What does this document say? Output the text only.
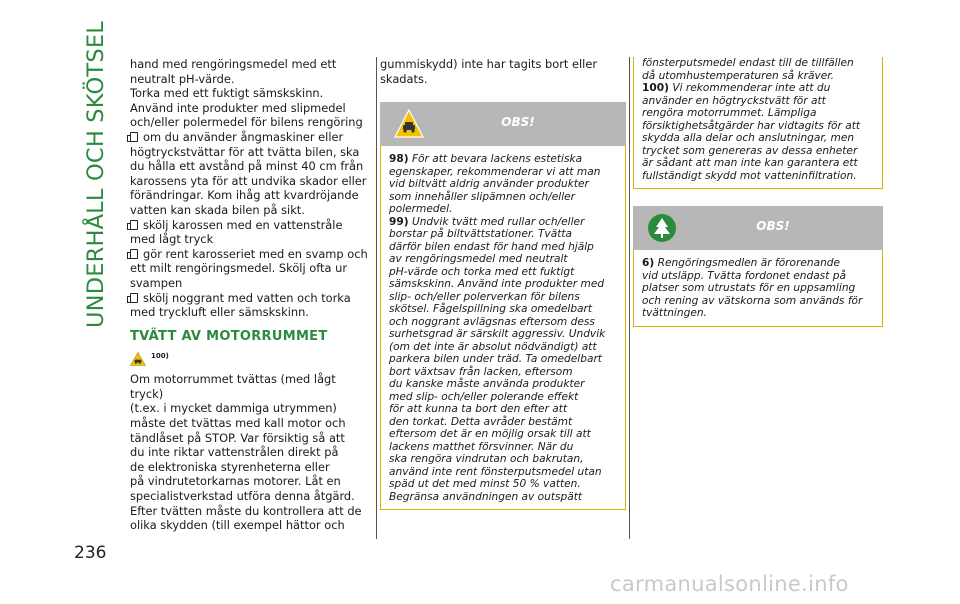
UNDERHÅLL OCH SKÖTSEL
236

hand med rengöringsmedel med ett

neutralt pH-värde.

Torka med ett fuktigt sämskskinn.

Använd inte produkter med slipmedel

och/eller polermedel för bilens rengöring

om du använder ångmaskiner eller

högtryckstvättar för att tvätta bilen, ska

du hålla ett avstånd på minst 40 cm från

karossens yta för att undvika skador eller

förändringar. Kom ihåg att kvardröjande

vatten kan skada bilen på sikt.

skölj karossen med en vattenstråle

med lågt tryck

gör rent karosseriet med en svamp och

ett milt rengöringsmedel. Skölj ofta ur

svampen

skölj noggrant med vatten och torka

med tryckluft eller sämskskinn.

TVÄTT AV MOTORRUMMET
100)

Om motorrummet tvättas (med lågt tryck)

(t.ex. i mycket dammiga utrymmen)

måste det tvättas med kall motor och

tändlåset på STOP. Var försiktig så att

du inte riktar vattenstrålen direkt på

de elektroniska styrenheterna eller

på vindrutetorkarnas motorer. Låt en

specialistverkstad utföra denna åtgärd.

Efter tvätten måste du kontrollera att de

olika skydden (till exempel hättor och

gummiskydd) inte har tagits bort eller

skadats.

OBS!

98) För att bevara lackens estetiska

egenskaper, rekommenderar vi att man

vid biltvätt aldrig använder produkter

som innehåller slipämnen och/eller

polermedel.

99) Undvik tvätt med rullar och/eller

borstar på biltvättstationer. Tvätta

därför bilen endast för hand med hjälp

av rengöringsmedel med neutralt

pH-värde och torka med ett fuktigt

sämskskinn. Använd inte produkter med

slip- och/eller polerverkan för bilens

skötsel. Fågelspillning ska omedelbart

och noggrant avlägsnas eftersom dess

surhetsgrad är särskilt aggressiv. Undvik

(om det inte är absolut nödvändigt) att

parkera bilen under träd. Ta omedelbart

bort växtsav från lacken, eftersom

du kanske måste använda produkter

med slip- och/eller polerande effekt

för att kunna ta bort den efter att

den torkat. Detta avråder bestämt

eftersom det är en möjlig orsak till att

lackens matthet försvinner. När du

ska rengöra vindrutan och bakrutan,

använd inte rent fönsterputsmedel utan

späd ut det med minst 50 % vatten.

Begränsa användningen av outspätt

fönsterputsmedel endast till de tillfällen

då utomhustemperaturen så kräver.

100) Vi rekommenderar inte att du

använder en högtryckstvätt för att

rengöra motorrummet. Lämpliga

försiktighetsåtgärder har vidtagits för att

skydda alla delar och anslutningar, men

trycket som genereras av dessa enheter

är sådant att man inte kan garantera ett

fullständigt skydd mot vatteninfiltration.

OBS!

6) Rengöringsmedlen är förorenande

vid utsläpp. Tvätta fordonet endast på

platser som utrustats för en uppsamling

och rening av vätskorna som används för

tvättningen.

carmanualsonline.info
